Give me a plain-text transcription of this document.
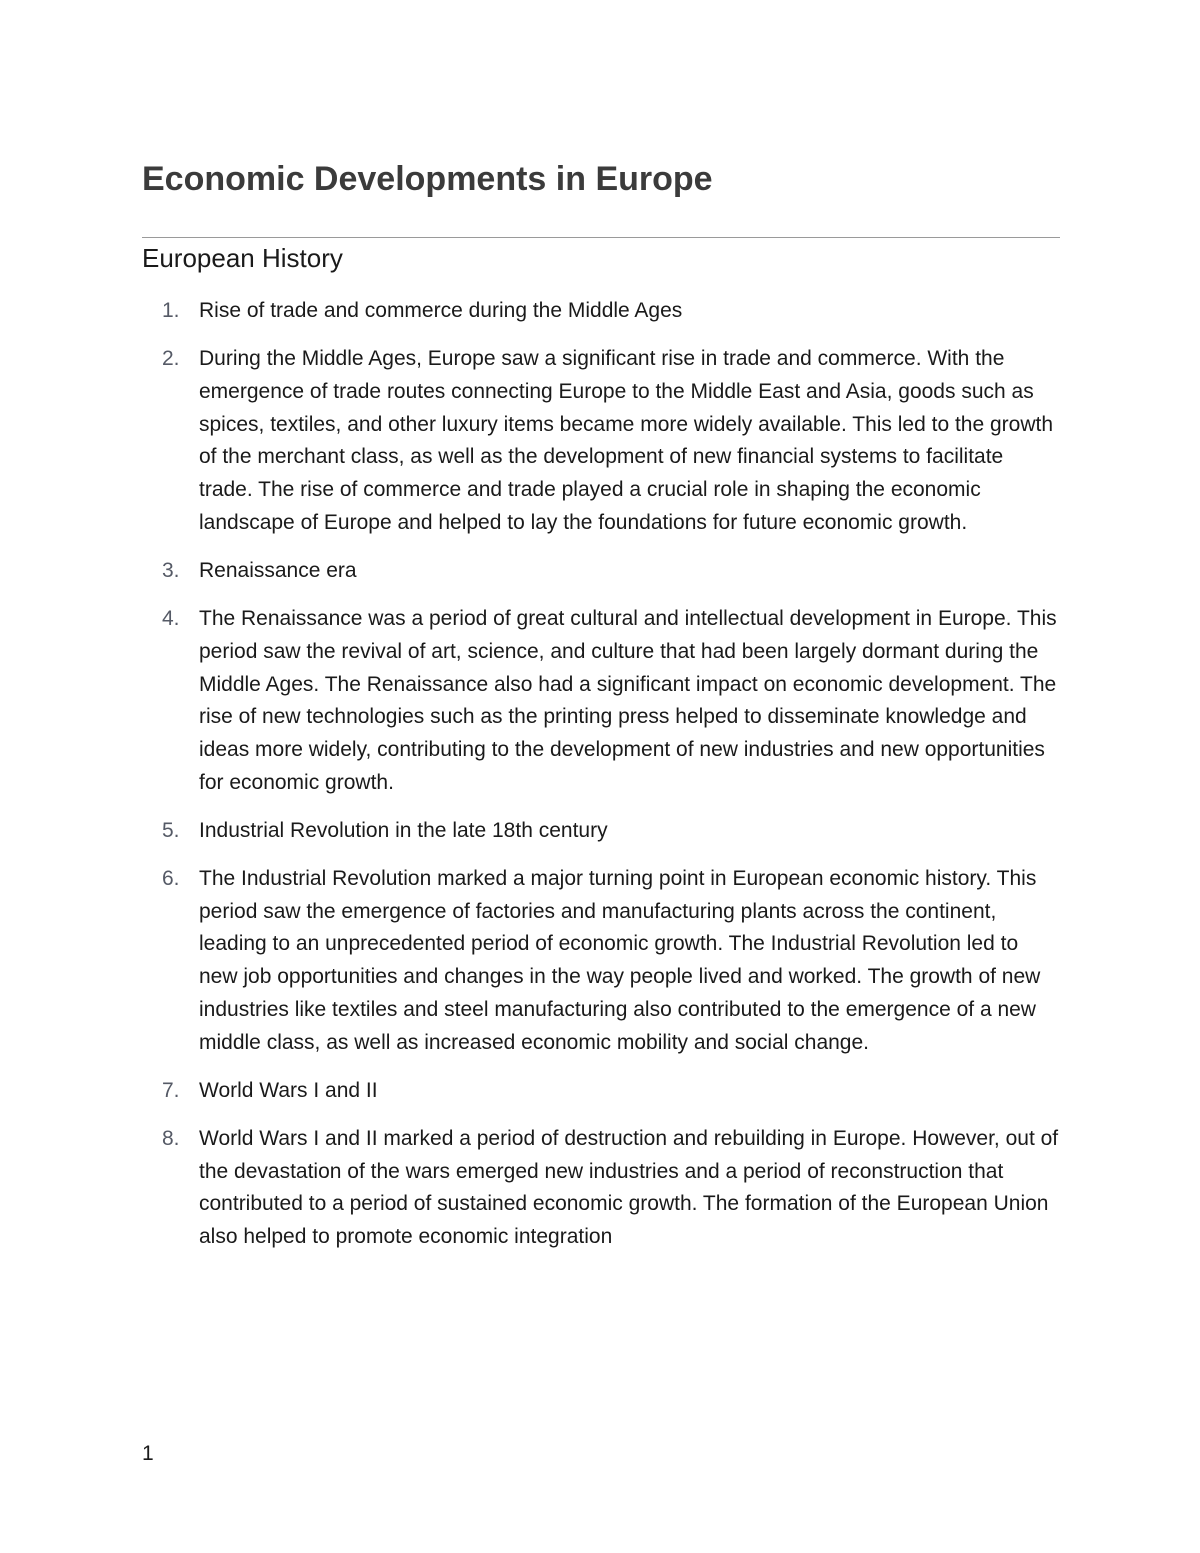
Economic Developments in Europe
European History
1. Rise of trade and commerce during the Middle Ages
2. During the Middle Ages, Europe saw a significant rise in trade and commerce. With the emergence of trade routes connecting Europe to the Middle East and Asia, goods such as spices, textiles, and other luxury items became more widely available. This led to the growth of the merchant class, as well as the development of new financial systems to facilitate trade. The rise of commerce and trade played a crucial role in shaping the economic landscape of Europe and helped to lay the foundations for future economic growth.
3. Renaissance era
4. The Renaissance was a period of great cultural and intellectual development in Europe. This period saw the revival of art, science, and culture that had been largely dormant during the Middle Ages. The Renaissance also had a significant impact on economic development. The rise of new technologies such as the printing press helped to disseminate knowledge and ideas more widely, contributing to the development of new industries and new opportunities for economic growth.
5. Industrial Revolution in the late 18th century
6. The Industrial Revolution marked a major turning point in European economic history. This period saw the emergence of factories and manufacturing plants across the continent, leading to an unprecedented period of economic growth. The Industrial Revolution led to new job opportunities and changes in the way people lived and worked. The growth of new industries like textiles and steel manufacturing also contributed to the emergence of a new middle class, as well as increased economic mobility and social change.
7. World Wars I and II
8. World Wars I and II marked a period of destruction and rebuilding in Europe. However, out of the devastation of the wars emerged new industries and a period of reconstruction that contributed to a period of sustained economic growth. The formation of the European Union also helped to promote economic integration
1
